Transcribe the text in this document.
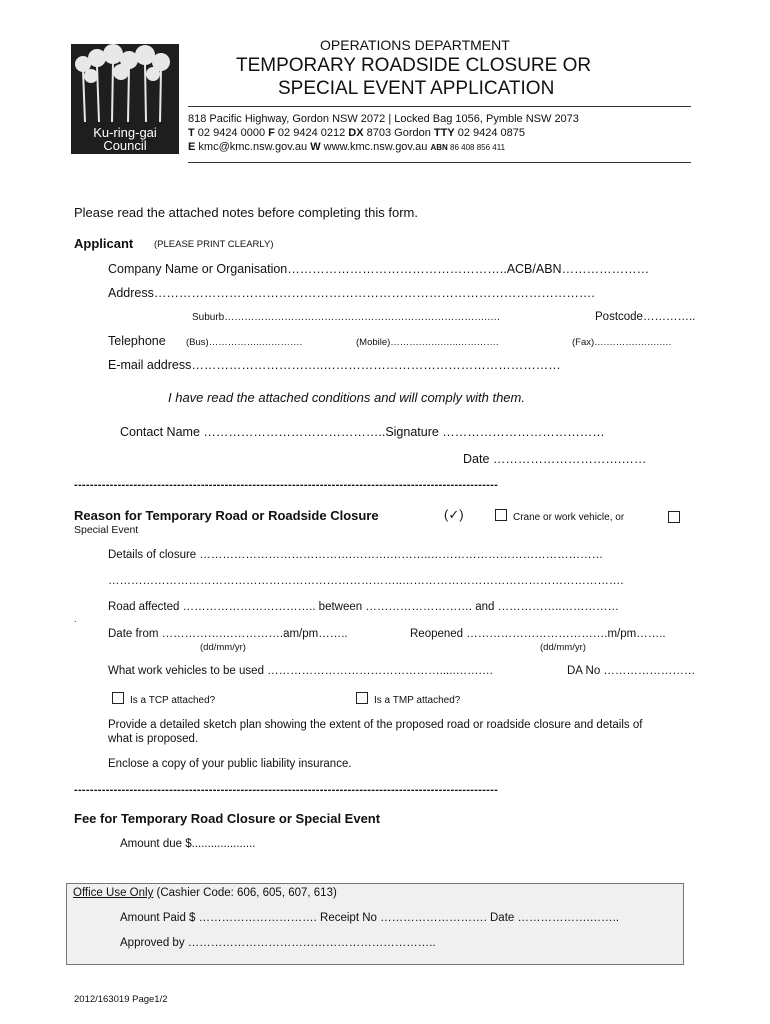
Ku-ring-gai
Council
OPERATIONS DEPARTMENT
TEMPORARY ROADSIDE CLOSURE OR
SPECIAL EVENT APPLICATION
818 Pacific Highway, Gordon NSW 2072 | Locked Bag 1056, Pymble NSW 2073
T 02 9424 0000 F 02 9424 0212 DX 8703 Gordon TTY 02 9424 0875
E kmc@kmc.nsw.gov.au W www.kmc.nsw.gov.au ABN 86 408 856 411
Please read the attached notes before completing this form.
Applicant (PLEASE PRINT CLEARLY)
Company Name or Organisation……………………………………………..ACB/ABN…………………
Address…………………………………………………………………………………………….
Suburb…………………………………………………………………….….	Postcode…………..
Telephone (Bus)……………..………….	(Mobile)……….…….…..………….	(Fax)….……….…….….
E-mail address…………………………..…………………………………………………
I have read the attached conditions and will comply with them.
Contact Name ……………………………………..Signature …………………………………
Date ………………………….……
-----------------------------------------------------------------------------------------------------------
Reason for Temporary Road or Roadside Closure	(✓)	Crane or work vehicle, or
Special Event
Details of closure ………………………………….……….………..………………………………………
…………………………………………………………………..………………………………………………….
Road affected …………………………….. between ………………………. and ……………..……………
.
Date from …………….…………….am/pm……..	Reopened ……………………………….m/pm……..
(dd/mm/yr)	(dd/mm/yr)
What work vehicles to be used ……………………………………….....…….…	DA No ……………………
Is a TCP attached?	Is a TMP attached?
Provide a detailed sketch plan showing the extent of the proposed road or roadside closure and details of
what is proposed.
Enclose a copy of your public liability insurance.
-----------------------------------------------------------------------------------------------------------
Fee for Temporary Road Closure or Special Event
Amount due $....................
Office Use Only (Cashier Code: 606, 605, 607, 613)
Amount Paid $ …………………………. Receipt No ………………………. Date ……………….……..
Approved by ………………………………………………………..
2012/163019 Page1/2
